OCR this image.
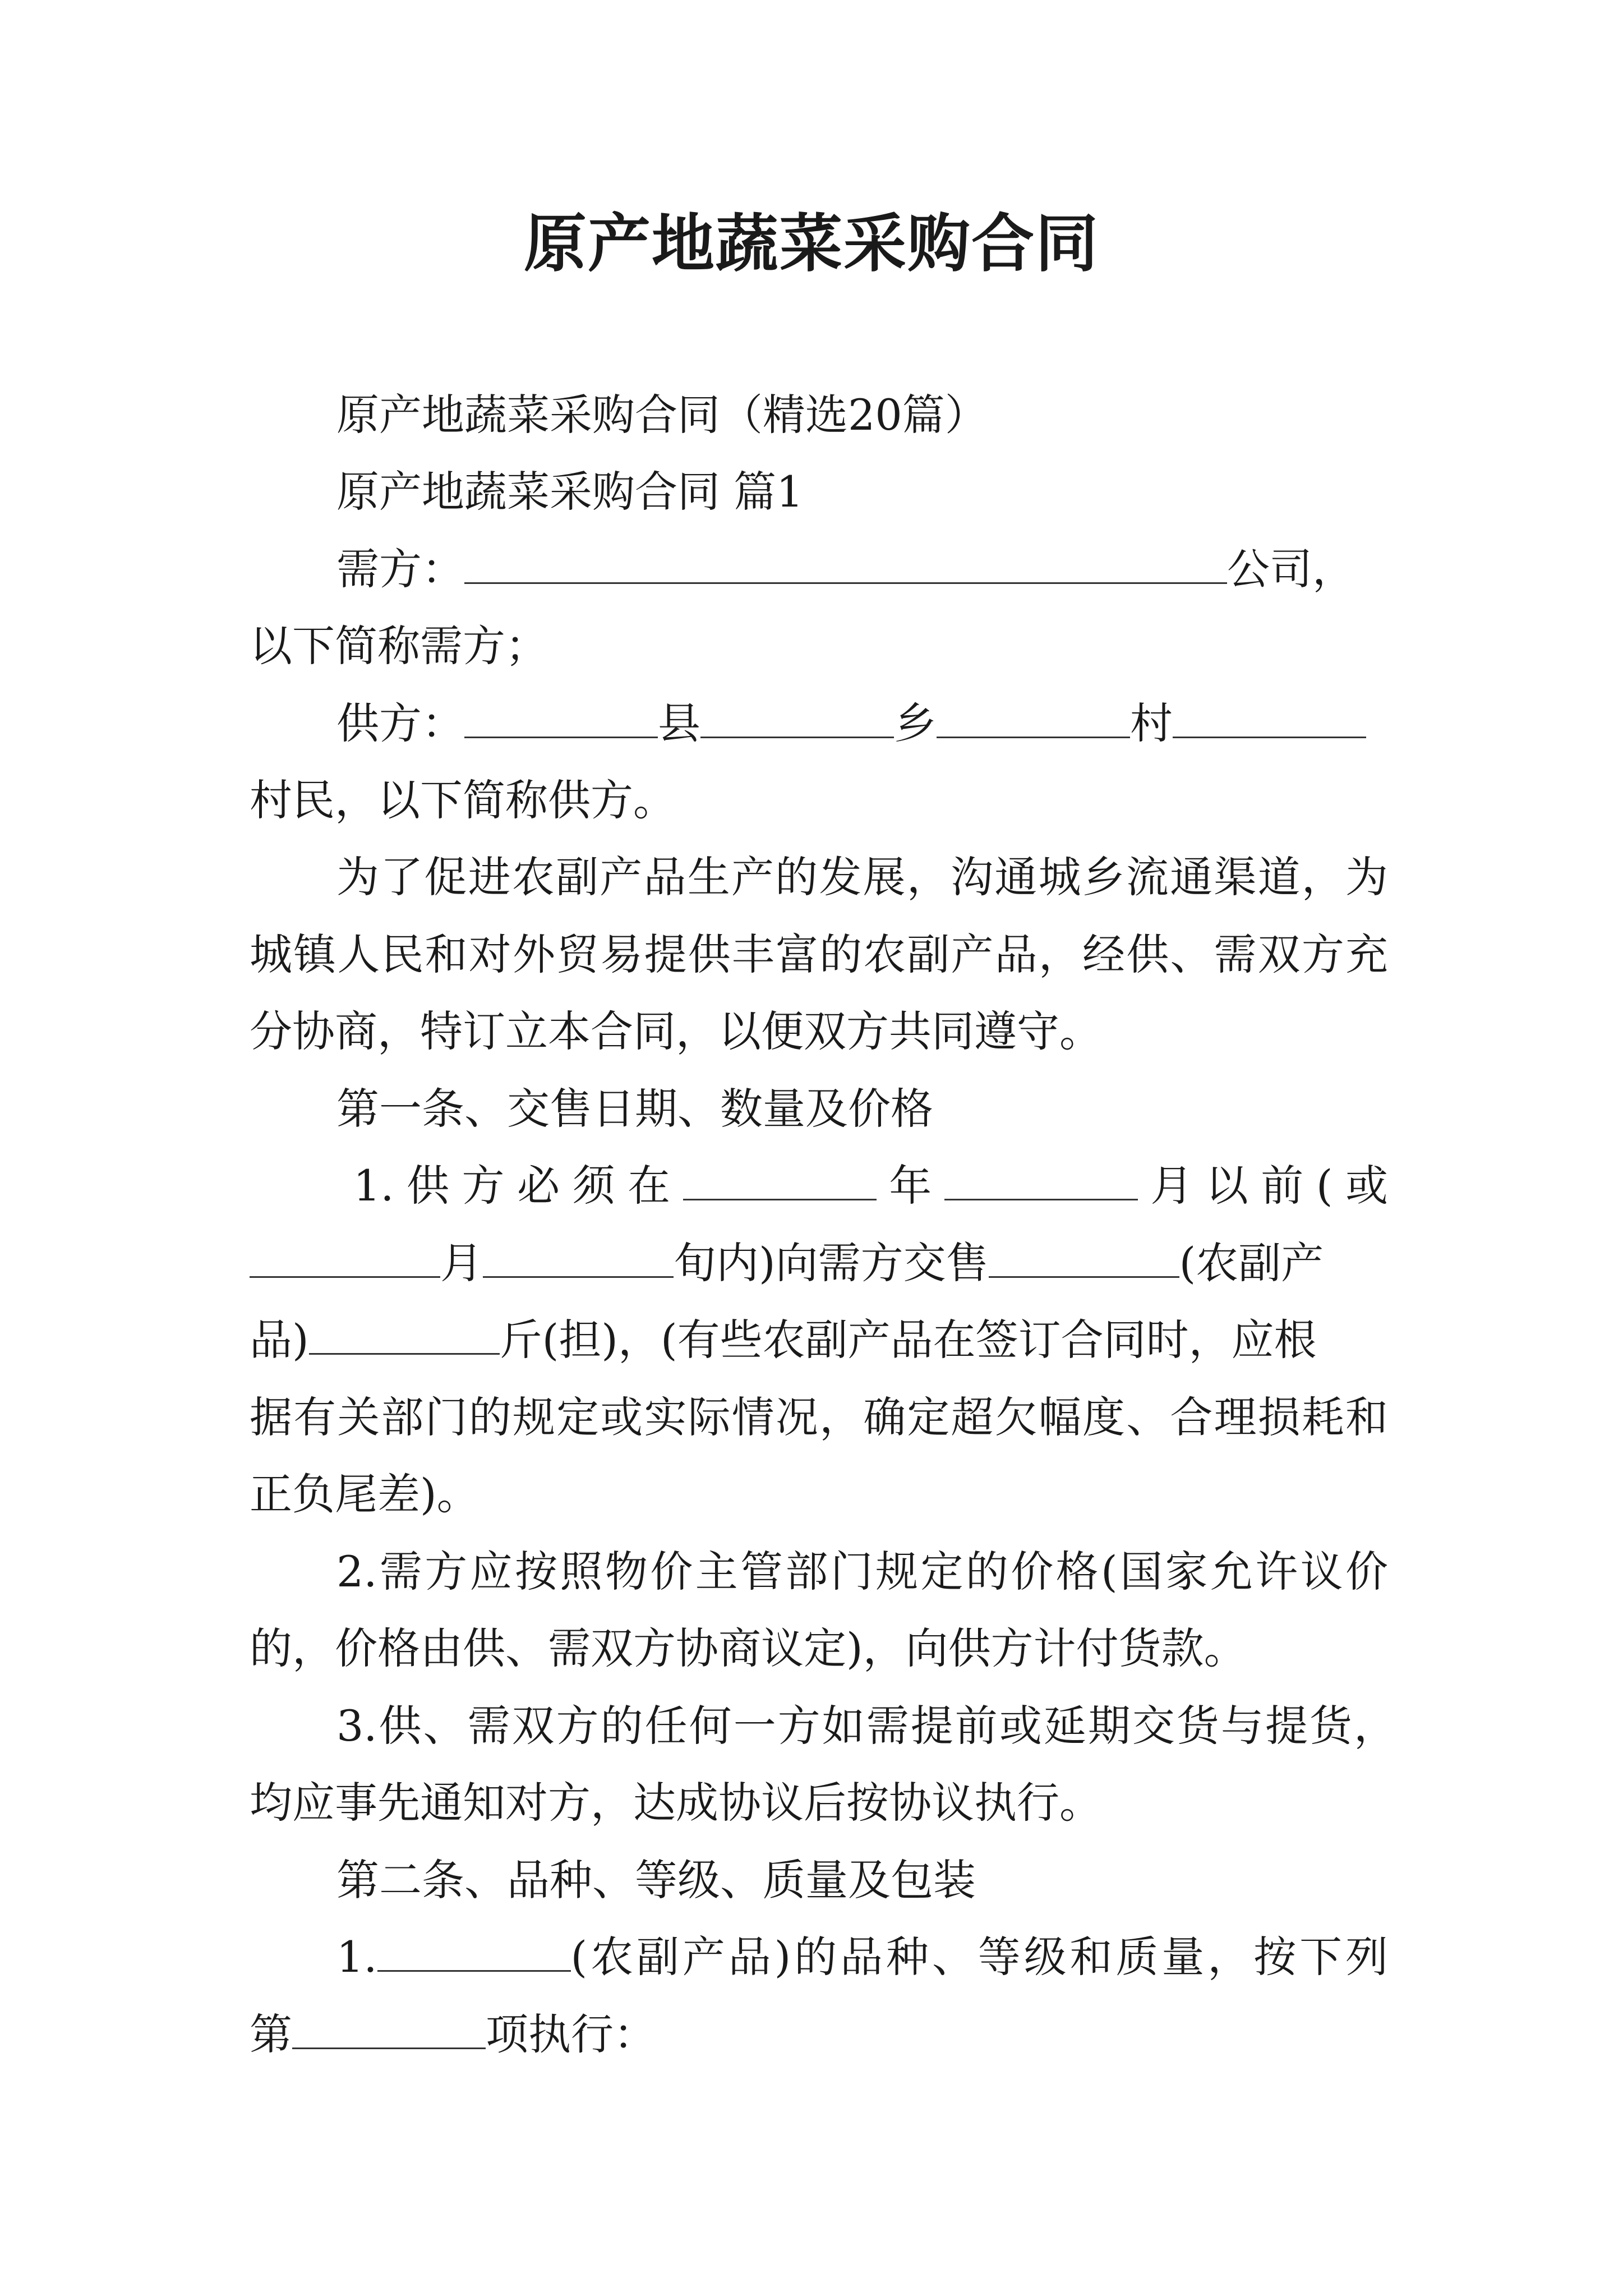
原产地蔬菜采购合同
原产地蔬菜采购合同（精选20篇）
原产地蔬菜采购合同 篇1
需方：	公司，
以下简称需方；
供方：	县	乡	村
村民，以下简称供方。
为了促进农副产品生产的发展，沟通城乡流通渠道，为
城镇人民和对外贸易提供丰富的农副产品，经供、需双方充
分协商，特订立本合同，以便双方共同遵守。
第一条、交售日期、数量及价格
1.供方必须在	年	月以前(或
月	旬内)向需方交售	(农副产
品)	斤(担)，(有些农副产品在签订合同时，应根
据有关部门的规定或实际情况，确定超欠幅度、合理损耗和
正负尾差)。
2.需方应按照物价主管部门规定的价格(国家允许议价
的，价格由供、需双方协商议定)，向供方计付货款。
3.供、需双方的任何一方如需提前或延期交货与提货，
均应事先通知对方，达成协议后按协议执行。
第二条、品种、等级、质量及包装
1.	(农副产品)的品种、等级和质量，按下列
第	项执行：
